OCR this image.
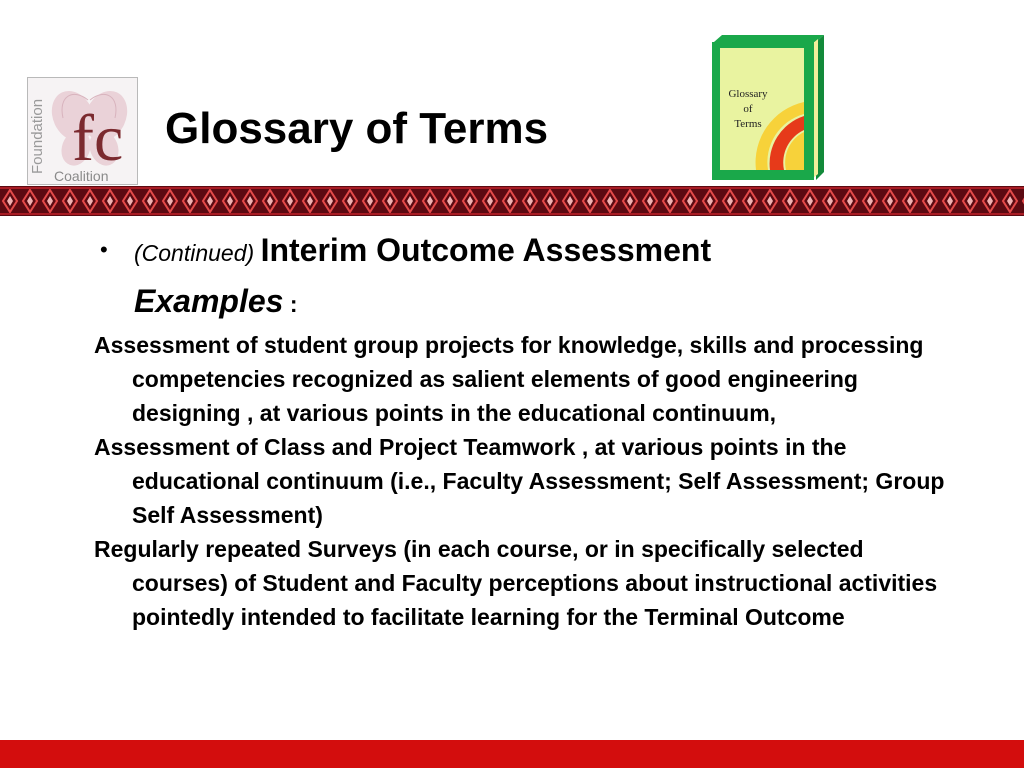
Foundation fc
Coalition
Glossary of Terms
Glossary
of
Terms
• (Continued) Interim Outcome Assessment
Examples :

Assessment of student group projects for knowledge, skills and processing competencies recognized as salient elements of good engineering designing , at various points in the educational continuum,

Assessment of Class and Project Teamwork , at various points in the educational continuum (i.e., Faculty Assessment; Self Assessment; Group Self Assessment)

Regularly repeated Surveys (in each course, or in specifically selected courses) of Student and Faculty perceptions about instructional activities pointedly intended to facilitate learning for the Terminal Outcome
